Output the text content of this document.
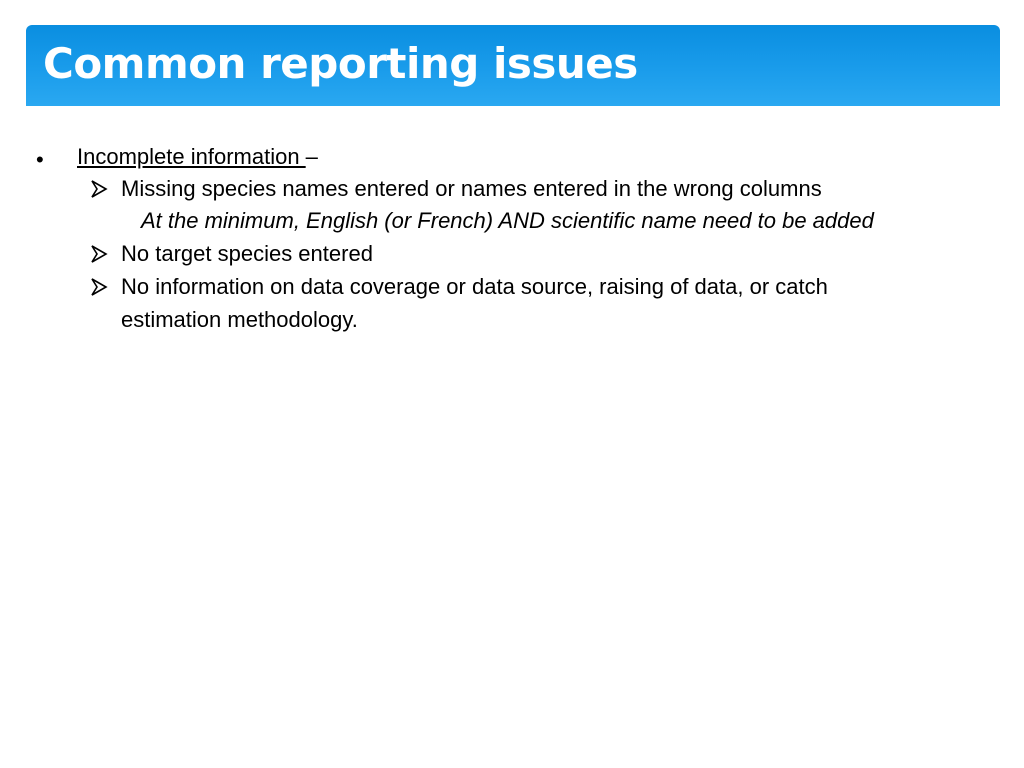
Common reporting issues
• Incomplete information –
Missing species names entered or names entered in the wrong columns
At the minimum, English (or French) AND scientific name need to be added
No target species entered
No information on data coverage or data source, raising of data, or catch
estimation methodology.
